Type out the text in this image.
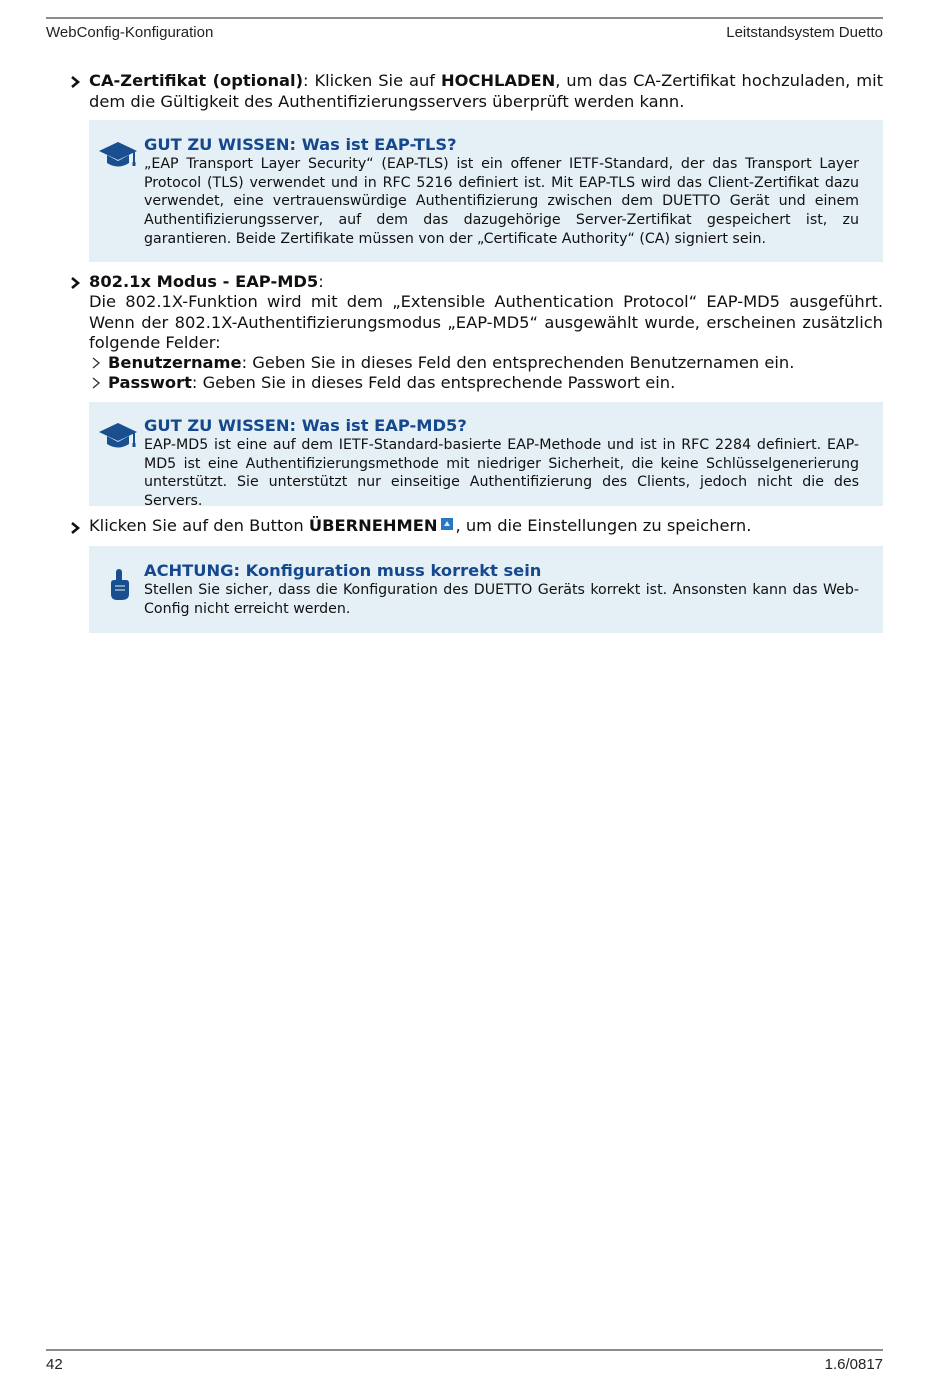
WebConfig-Konfiguration	Leitstandsystem Duetto
CA-Zertifikat (optional): Klicken Sie auf HOCHLADEN, um das CA-Zertifikat hochzuladen, mit dem die Gültigkeit des Authentifizierungsservers überprüft werden kann.
GUT ZU WISSEN: Was ist EAP-TLS?
„EAP Transport Layer Security“ (EAP-TLS) ist ein offener IETF-Standard, der das Transport Layer Protocol (TLS) verwendet und in RFC 5216 definiert ist. Mit EAP-TLS wird das Client-Zertifikat dazu verwendet, eine vertrauenswürdige Authentifizierung zwischen dem DUETTO Gerät und einem Authentifizierungsserver, auf dem das dazugehörige Server-Zertifikat gespeichert ist, zu garantieren. Beide Zertifikate müssen von der „Certificate Authority“ (CA) signiert sein.
802.1x Modus - EAP-MD5:
Die 802.1X-Funktion wird mit dem „Extensible Authentication Protocol“ EAP-MD5 ausgeführt. Wenn der 802.1X-Authentifizierungsmodus „EAP-MD5“ ausgewählt wurde, erscheinen zusätzlich folgende Felder:
Benutzername: Geben Sie in dieses Feld den entsprechenden Benutzernamen ein.
Passwort: Geben Sie in dieses Feld das entsprechende Passwort ein.
GUT ZU WISSEN: Was ist EAP-MD5?
EAP-MD5 ist eine auf dem IETF-Standard-basierte EAP-Methode und ist in RFC 2284 definiert. EAP-MD5 ist eine Authentifizierungsmethode mit niedriger Sicherheit, die keine Schlüsselgenerierung unterstützt. Sie unterstützt nur einseitige Authentifizierung des Clients, jedoch nicht die des Servers.
Klicken Sie auf den Button ÜBERNEHMEN , um die Einstellungen zu speichern.
ACHTUNG: Konfiguration muss korrekt sein
Stellen Sie sicher, dass die Konfiguration des DUETTO Geräts korrekt ist. Ansonsten kann das Web-Config nicht erreicht werden.
42	1.6/0817
